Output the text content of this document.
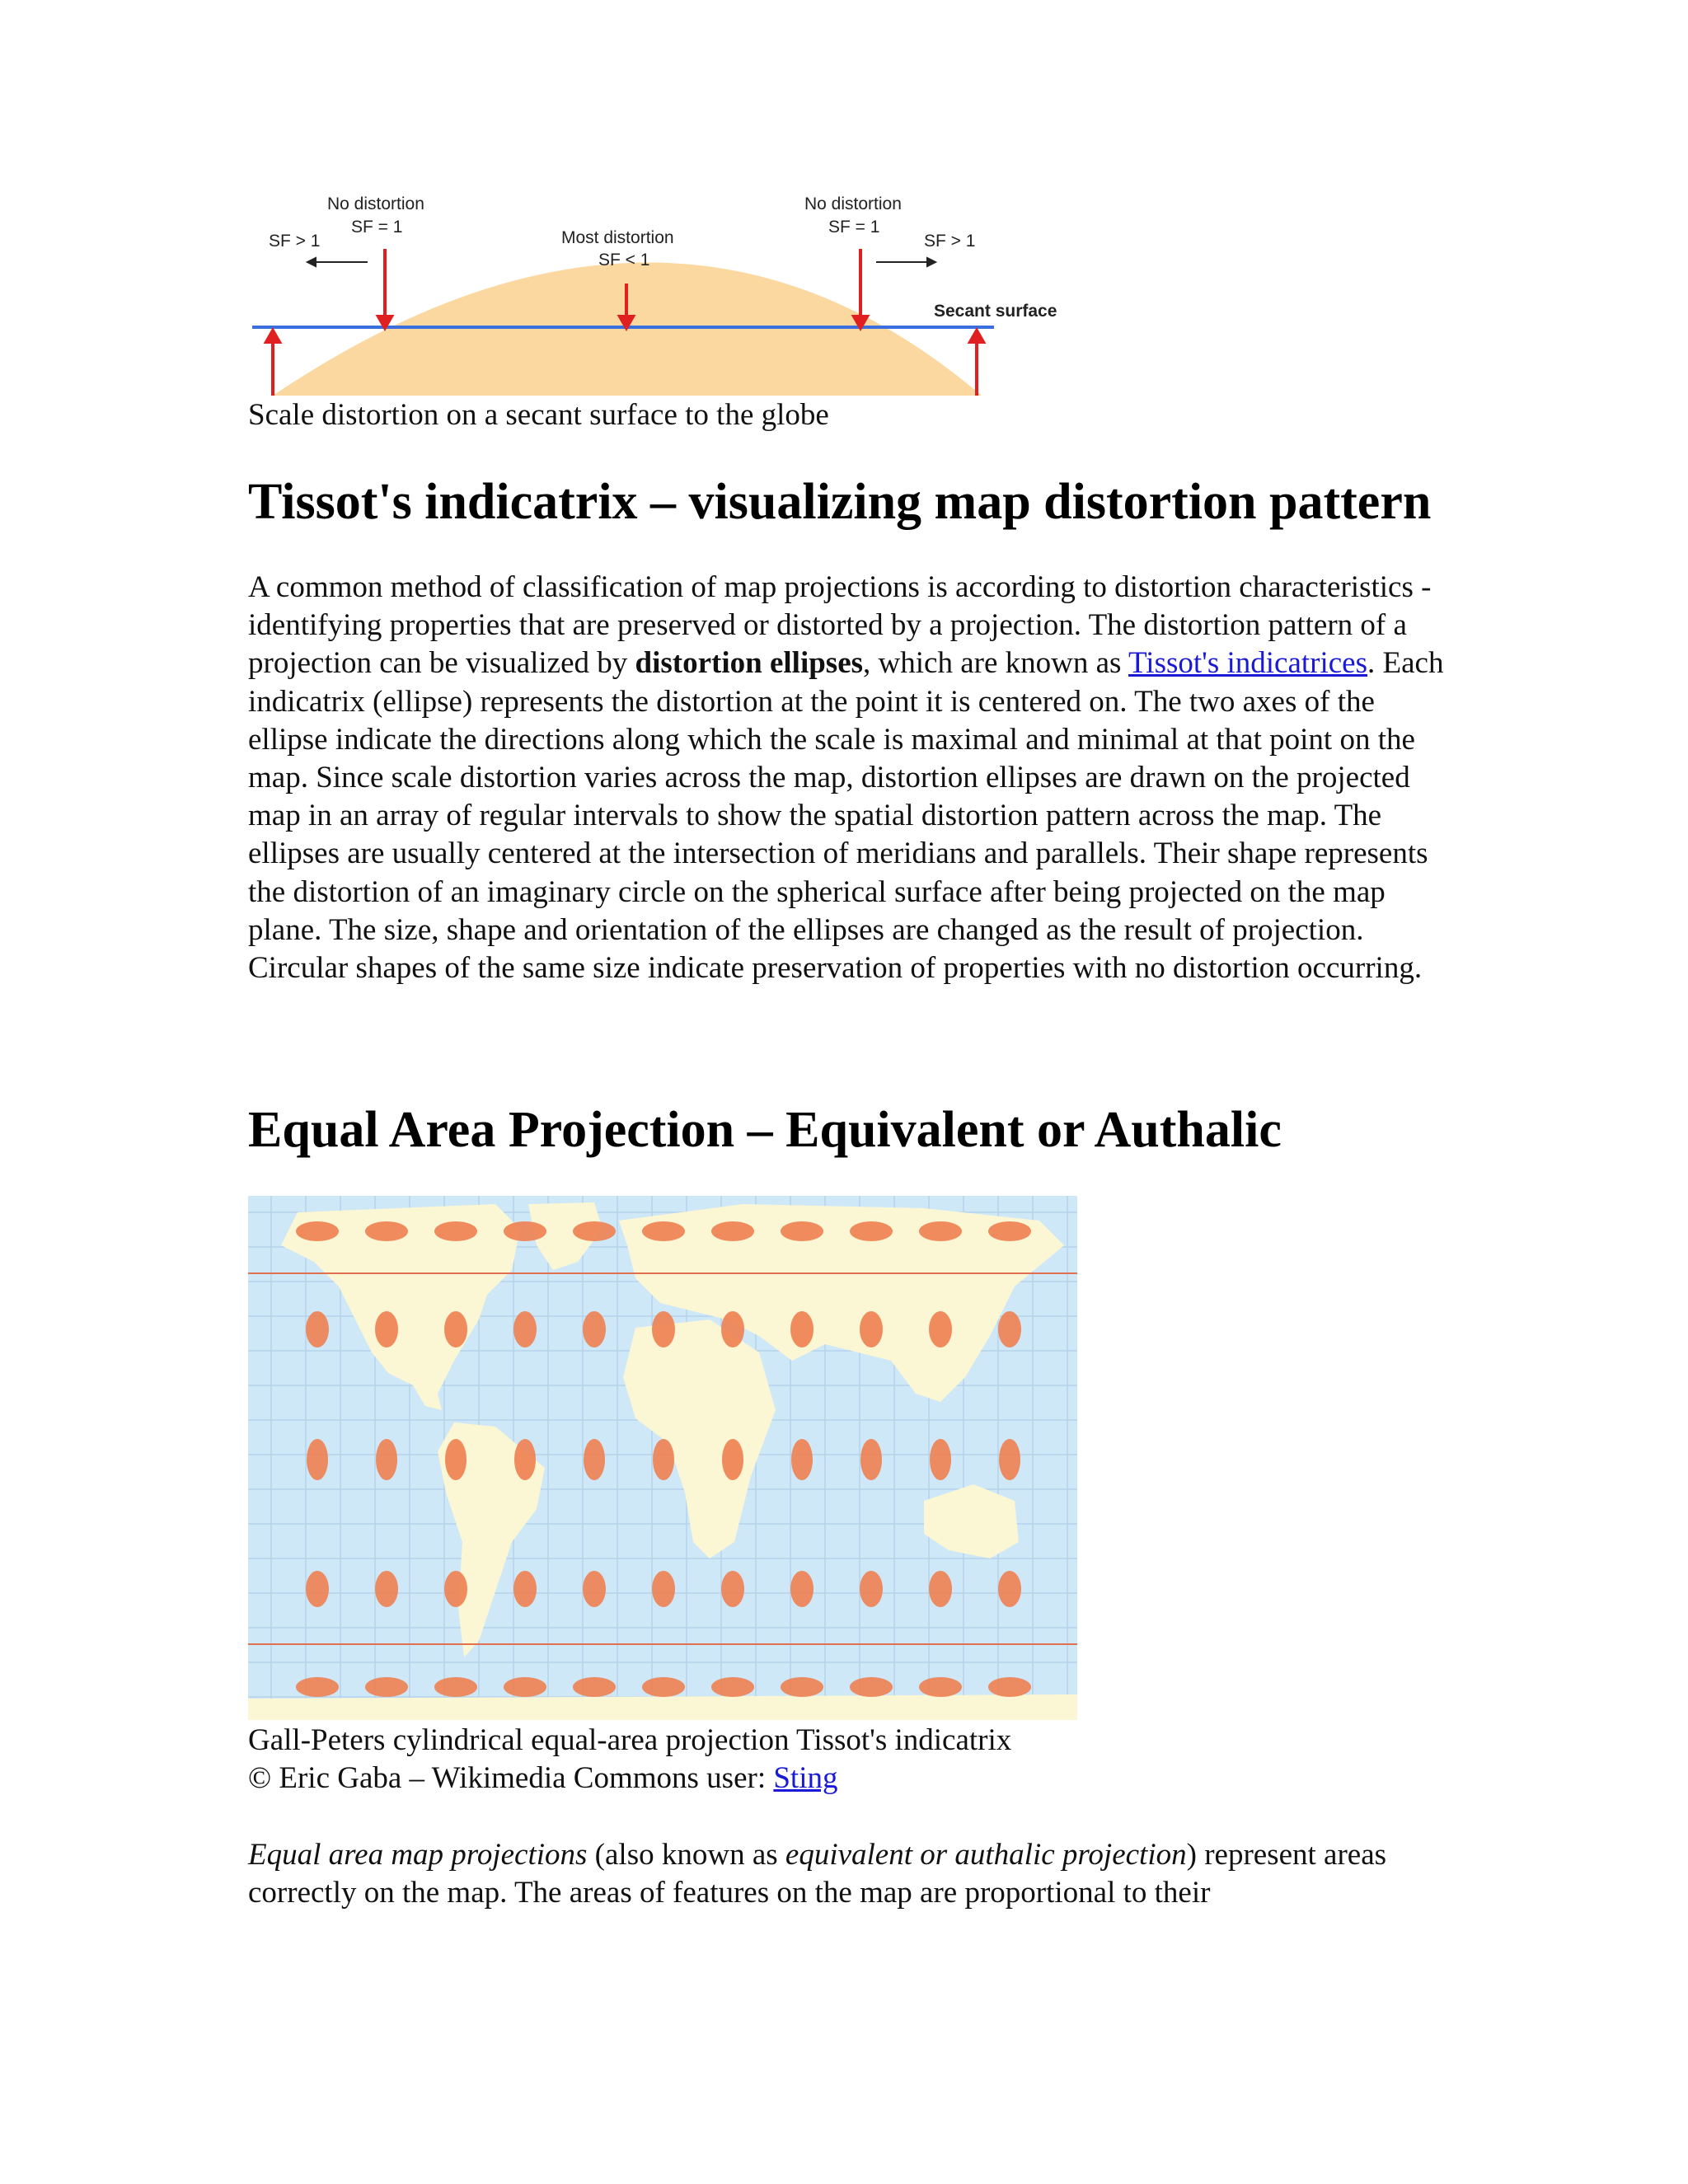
No distortion
SF = 1
SF > 1	Most distortion
SF < 1
No distortion
SF = 1
SF > 1
Secant surface
Scale distortion on a secant surface to the globe
Tissot's indicatrix – visualizing map distortion pattern
A common method of classification of map projections is according to distortion characteristics - identifying properties that are preserved or distorted by a projection. The distortion pattern of a projection can be visualized by distortion ellipses, which are known as Tissot's indicatrices. Each indicatrix (ellipse) represents the distortion at the point it is centered on. The two axes of the ellipse indicate the directions along which the scale is maximal and minimal at that point on the map. Since scale distortion varies across the map, distortion ellipses are drawn on the projected map in an array of regular intervals to show the spatial distortion pattern across the map. The ellipses are usually centered at the intersection of meridians and parallels. Their shape represents the distortion of an imaginary circle on the spherical surface after being projected on the map plane. The size, shape and orientation of the ellipses are changed as the result of projection. Circular shapes of the same size indicate preservation of properties with no distortion occurring.
Equal Area Projection – Equivalent or Authalic
Gall-Peters cylindrical equal-area projection Tissot's indicatrix
© Eric Gaba – Wikimedia Commons user: Sting
Equal area map projections (also known as equivalent or authalic projection) represent areas correctly on the map. The areas of features on the map are proportional to their
